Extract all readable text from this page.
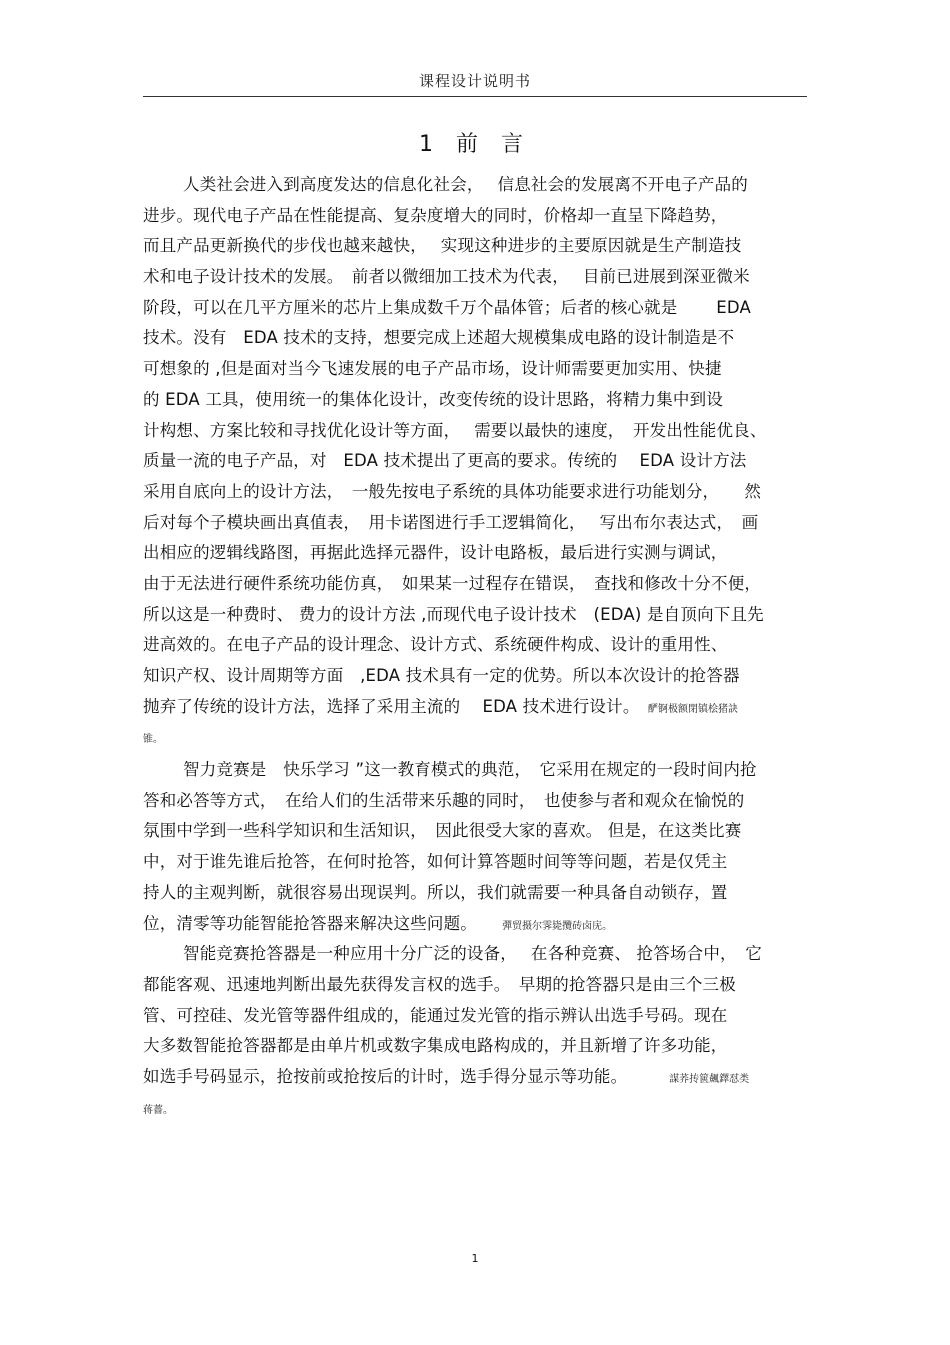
课程设计说明书
1 前 言
人类社会进入到高度发达的信息化社会，　 信息社会的发展离不开电子产品的
进步。现代电子产品在性能提高、复杂度增大的同时，价格却一直呈下降趋势，
而且产品更新换代的步伐也越来越快，　 实现这种进步的主要原因就是生产制造技
术和电子设计技术的发展。　前者以微细加工技术为代表，　 目前已进展到深亚微米
阶段，可以在几平方厘米的芯片上集成数千万个晶体管；后者的核心就是　　 EDA
技术。没有　EDA 技术的支持，想要完成上述超大规模集成电路的设计制造是不
可想象的 ,但是面对当今飞速发展的电子产品市场，设计师需要更加实用、快捷
的 EDA 工具，使用统一的集体化设计，改变传统的设计思路，将精力集中到设
计构想、方案比较和寻找优化设计等方面，　 需要以最快的速度，　开发出性能优良、
质量一流的电子产品，对　EDA 技术提出了更高的要求。传统的　 EDA 设计方法
采用自底向上的设计方法，　一般先按电子系统的具体功能要求进行功能划分，　　然
后对每个子模块画出真值表，　用卡诺图进行手工逻辑简化，　 写出布尔表达式，　画
出相应的逻辑线路图，再据此选择元器件，设计电路板，最后进行实测与调试，
由于无法进行硬件系统功能仿真，　如果某一过程存在错误，　查找和修改十分不便，
所以这是一种费时、 费力的设计方法 ,而现代电子设计技术　(EDA) 是自顶向下且先
进高效的。在电子产品的设计理念、设计方式、系统硬件构成、设计的重用性、
知识产权、设计周期等方面　,EDA 技术具有一定的优势。所以本次设计的抢答器
抛弃了传统的设计方法，选择了采用主流的　 EDA 技术进行设计。　 酽锕极额閉镇桧猪訣
锥。
智力竞赛是　快乐学习 ”这一教育模式的典范，　它采用在规定的一段时间内抢
答和必答等方式，　在给人们的生活带来乐趣的同时，　也使参与者和观众在愉悦的
氛围中学到一些科学知识和生活知识，　因此很受大家的喜欢。 但是，在这类比赛
中，对于谁先谁后抢答，在何时抢答，如何计算答题时间等等问题，若是仅凭主
持人的主观判断，就很容易出现误判。所以，我们就需要一种具备自动锁存，置
位，清零等功能智能抢答器来解决这些问题。　　	彈贸摄尔霁毙攬砖卤庑。
智能竞赛抢答器是一种应用十分广泛的设备，　 在各种竞赛、 抢答场合中，　它
都能客观、迅速地判断出最先获得发言权的选手。　早期的抢答器只是由三个三极
管、可控硅、发光管等器件组成的，能通过发光管的指示辨认出选手号码。现在
大多数智能抢答器都是由单片机或数字集成电路构成的，并且新增了许多功能，
如选手号码显示，抢按前或抢按后的计时，选手得分显示等功能。　　　	謀荞抟篋飆鐸怼类
蒋薔。
1
